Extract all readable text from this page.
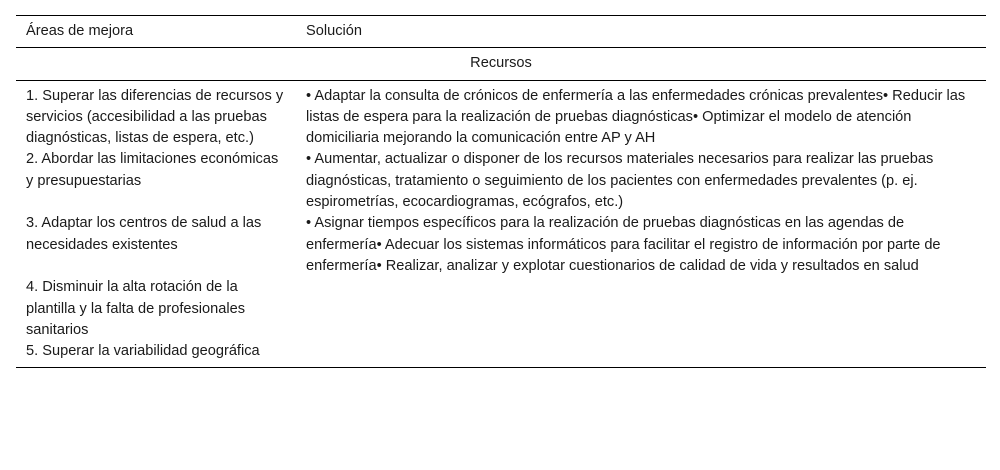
Áreas de mejora	Solución
Recursos	
1. Superar las diferencias de recursos y servicios (accesibilidad a las pruebas diagnósticas, listas de espera, etc.)	• Adaptar la consulta de crónicos de enfermería a las enfermedades crónicas prevalentes• Reducir las listas de espera para la realización de pruebas diagnósticas• Optimizar el modelo de atención domiciliaria mejorando la comunicación entre AP y AH
2. Abordar las limitaciones económicas y presupuestarias	• Aumentar, actualizar o disponer de los recursos materiales necesarios para realizar las pruebas diagnósticas, tratamiento o seguimiento de los pacientes con enfermedades prevalentes (p. ej. espirometrías, ecocardiogramas, ecógrafos, etc.)
3. Adaptar los centros de salud a las necesidades existentes	• Asignar tiempos específicos para la realización de pruebas diagnósticas en las agendas de enfermería• Adecuar los sistemas informáticos para facilitar el registro de información por parte de enfermería• Realizar, analizar y explotar cuestionarios de calidad de vida y resultados en salud
4. Disminuir la alta rotación de la plantilla y la falta de profesionales sanitarios	
5. Superar la variabilidad geográfica	
